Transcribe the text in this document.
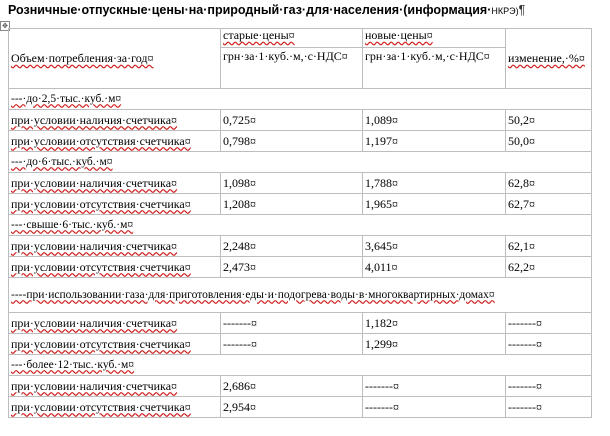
Розничные·отпускные·цены·на·природный·газ·для·населения·(информация·НКРЭ)¶
✥
Объем·потребления·за·год¤	старые·цены¤	новые·цены¤	изменение,·%¤
	грн·за·1·куб.·м,·с·НДС¤	грн·за·1·куб.·м,·с·НДС¤	
---·до·2,5·тыс.·куб.·м¤			
при·условии·наличия·счетчика¤	0,725¤	1,089¤	50,2¤
при·условии·отсутствия·счетчика¤	0,798¤	1,197¤	50,0¤
---·до·6·тыс.·куб.·м¤			
при·условии·наличия·счетчика¤	1,098¤	1,788¤	62,8¤
при·условии·отсутствия·счетчика¤	1,208¤	1,965¤	62,7¤
---·свыше·6·тыс.·куб.·м¤			
при·условии·наличия·счетчика¤	2,248¤	3,645¤	62,1¤
при·условии·отсутствия·счетчика¤	2,473¤	4,011¤	62,2¤
----при·использовании·газа·для·приготовления·еды·и·подогрева·воды·в·многоквартирных·домах¤			
при·условии·наличия·счетчика¤	-------¤	1,182¤	-------¤
при·условии·отсутствия·счетчика¤	-------¤	1,299¤	-------¤
---·более·12·тыс.·куб.·м¤			
при·условии·наличия·счетчика¤	2,686¤	-------¤	-------¤
при·условии·отсутствия·счетчика¤	2,954¤	-------¤	-------¤
